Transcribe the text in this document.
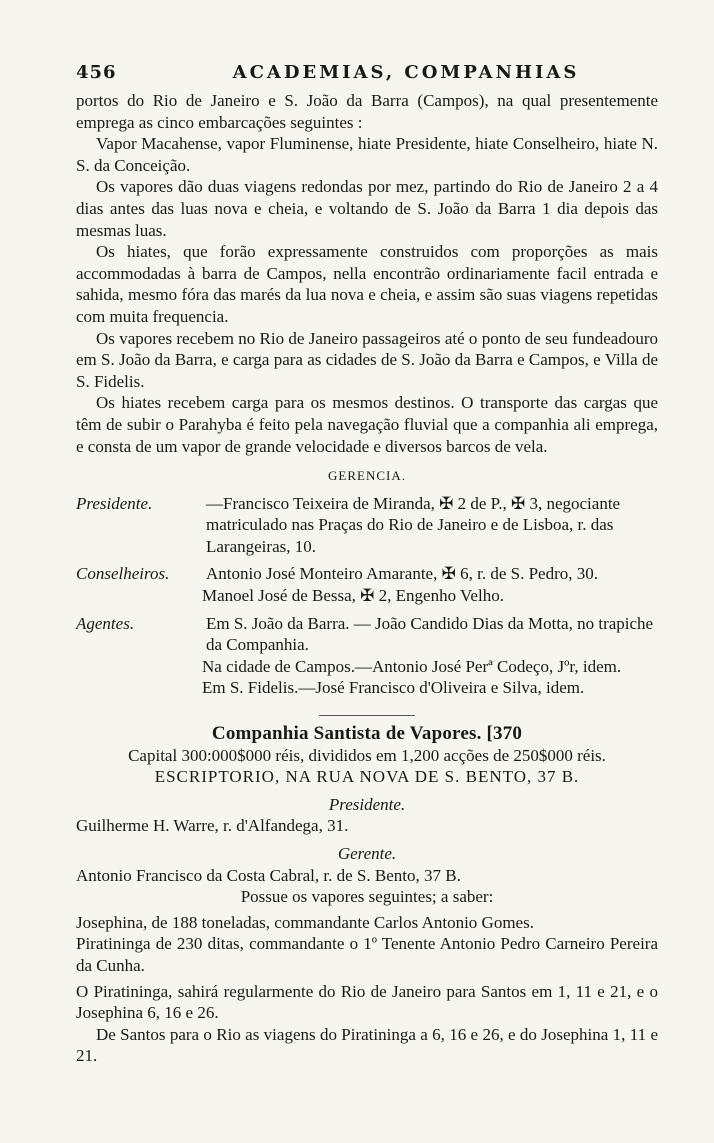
456	ACADEMIAS, COMPANHIAS

portos do Rio de Janeiro e S. João da Barra (Campos), na qual presentemente emprega as cinco embarcações seguintes :

Vapor Macahense, vapor Fluminense, hiate Presidente, hiate Conselheiro, hiate N. S. da Conceição.

Os vapores dão duas viagens redondas por mez, partindo do Rio de Janeiro 2 a 4 dias antes das luas nova e cheia, e voltando de S. João da Barra 1 dia depois das mesmas luas.

Os hiates, que forão expressamente construidos com proporções as mais accommodadas à barra de Campos, nella encontrão ordinariamente facil entrada e sahida, mesmo fóra das marés da lua nova e cheia, e assim são suas viagens repetidas com muita frequencia.

Os vapores recebem no Rio de Janeiro passageiros até o ponto de seu fundeadouro em S. João da Barra, e carga para as cidades de S. João da Barra e Campos, e Villa de S. Fidelis.

Os hiates recebem carga para os mesmos destinos. O transporte das cargas que têm de subir o Parahyba é feito pela navegação fluvial que a companhia ali emprega, e consta de um vapor de grande velocidade e diversos barcos de vela.

GERENCIA.
Presidente.	—Francisco Teixeira de Miranda, ✠ 2 de P., ✠ 3, negociante matriculado nas Praças do Rio de Janeiro e de Lisboa, r. das Larangeiras, 10.
Conselheiros.	Antonio José Monteiro Amarante, ✠ 6, r. de S. Pedro, 30.
Manoel José de Bessa, ✠ 2, Engenho Velho.
Agentes.	Em S. João da Barra. — João Candido Dias da Motta, no trapiche da Companhia.
Na cidade de Campos.—Antonio José Perª Codeço, Jºr, idem.
Em S. Fidelis.—José Francisco d'Oliveira e Silva, idem.
Companhia Santista de Vapores. [370

Capital 300:000$000 réis, divididos em 1,200 acções de 250$000 réis.

ESCRIPTORIO, NA RUA NOVA DE S. BENTO, 37 B.
Presidente.

Guilherme H. Warre, r. d'Alfandega, 31.

Gerente.

Antonio Francisco da Costa Cabral, r. de S. Bento, 37 B.

Possue os vapores seguintes; a saber:

Josephina, de 188 toneladas, commandante Carlos Antonio Gomes.

Piratininga de 230 ditas, commandante o 1º Tenente Antonio Pedro Carneiro Pereira da Cunha.

O Piratininga, sahirá regularmente do Rio de Janeiro para Santos em 1, 11 e 21, e o Josephina 6, 16 e 26.

De Santos para o Rio as viagens do Piratininga a 6, 16 e 26, e do Josephina 1, 11 e 21.
